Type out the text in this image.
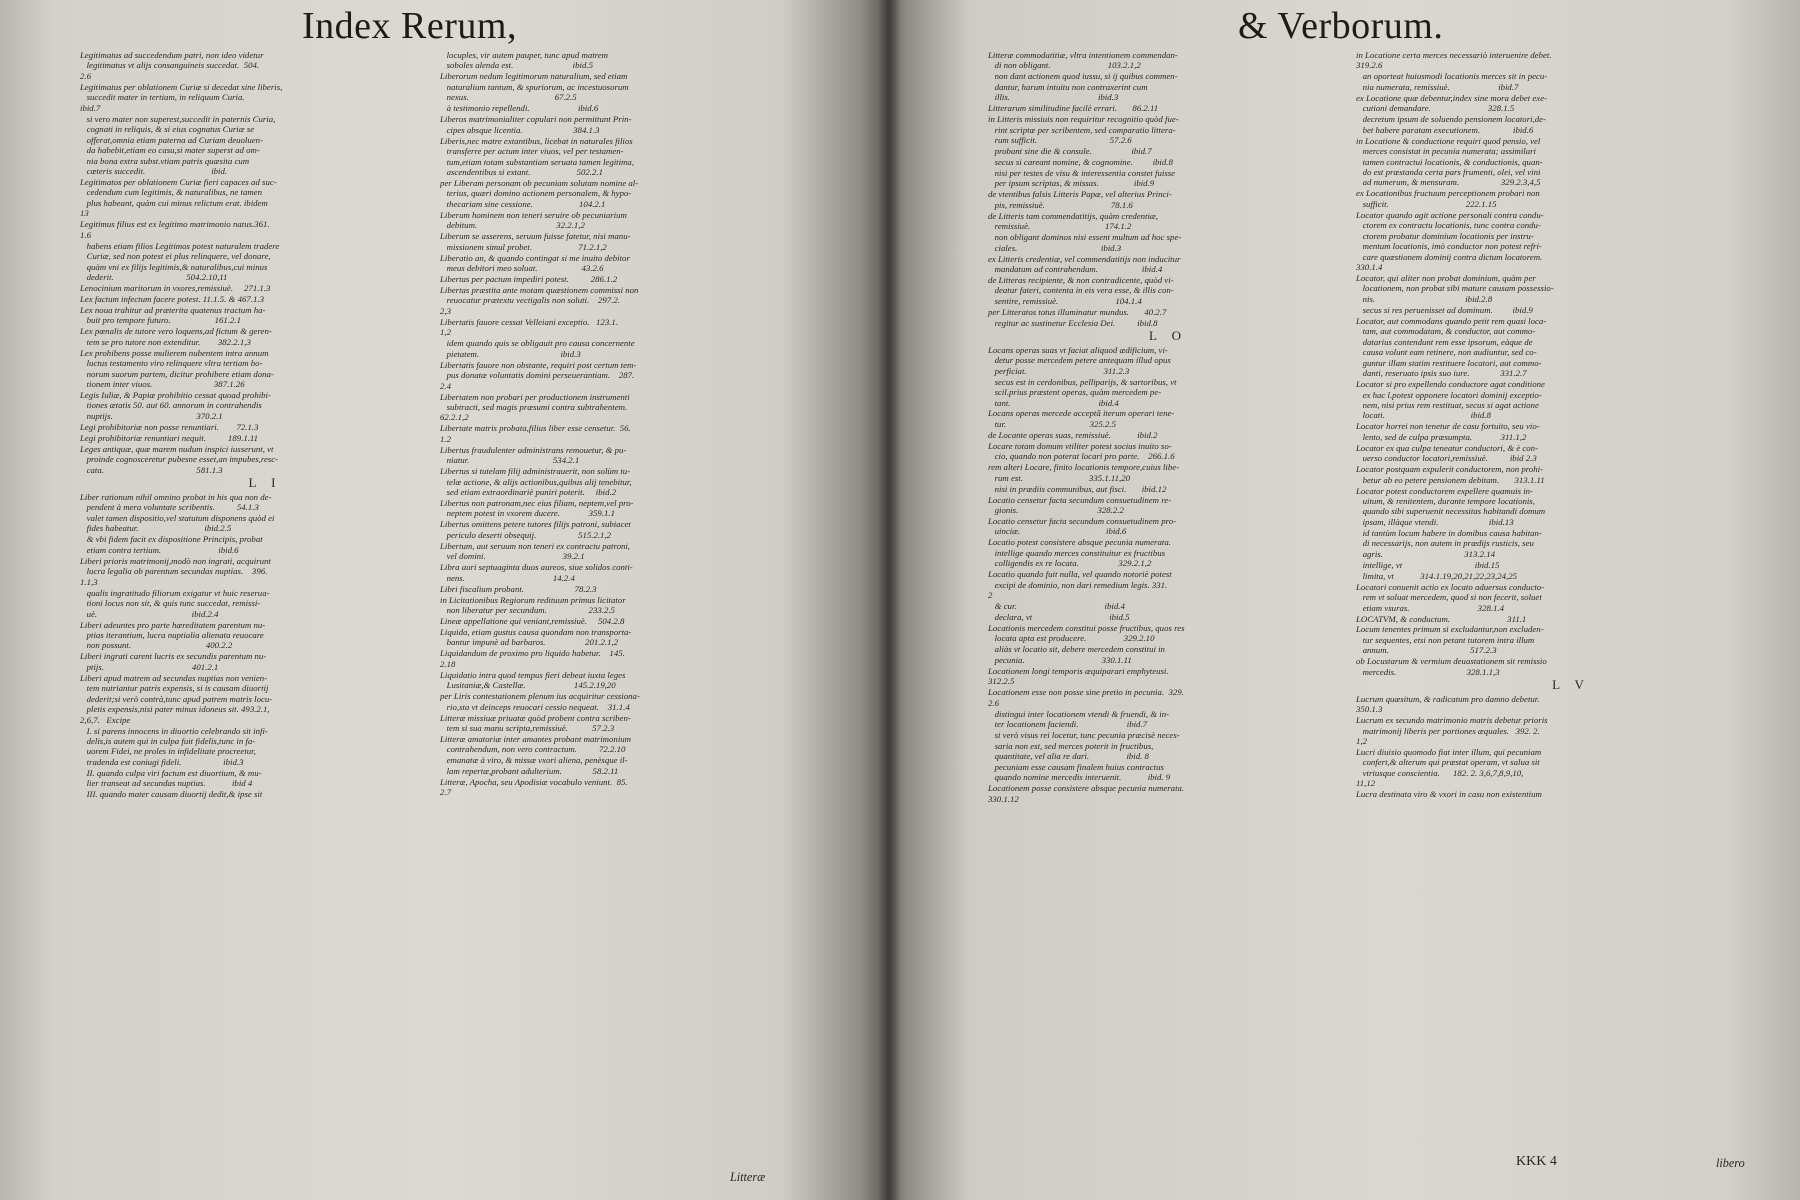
Index Rerum,
Legitimatus ad succedendum patri, non ideo videtur
legitimatus vt alijs consanguineis succedat.  504.
2.6
Legitimatus per oblationem Curiæ si decedat sine liberis,
succedit mater in tertiam, in reliquum Curia.
ibid.7
si vero mater non superest,succedit in paternis Curia,
cognati in reliquis, & si eius cognatus Curiæ se
offerat,omnia etiam paterna ad Curiam deuoluen-
da habebit,etiam eo casu,si mater superst ad om-
nia bona extra subst.vtiam patris quæsita cum
cæteris succedit.                              ibid.
Legitimatos per oblationem Curiæ fieri capaces ad suc-
cedendum cum legitimis, & naturalibus, ne tamen
plus habeant, quàm cui minus relictum erat. ibidem
13
Legitimus filius est ex legitimo matrimonio natus.361.
1.6
habens etiam filios Legitimos potest naturalem tradere
Curiæ, sed non potest ei plus relinquere, vel donare,
quàm vni ex filijs legitimis,& naturalibus,cui minus
dederit.                                 504.2.10,11
Lenocinium maritorum in vxores,remissiuè.     271.1.3
Lex factum infectum facere potest. 11.1.5. & 467.1.3
Lex noua trahitur ad præterita quatenus tractum ha-
buit pro tempore futuro.                    161.2.1
Lex pœnalis de tutore vero loquens,ad fictum & geren-
tem se pro tutore non extenditur.        382.2.1,3
Lex prohibens posse mulierem nubentem intra annum
luctus testamento viro relinquere vltra tertiam bo-
norum suorum partem, dicitur prohibere etiam dona-
tionem inter viuos.                            387.1.26
Legis Iuliæ, & Papiæ prohibitio cessat quoad prohibi-
tiones ætatis 50. aut 60. annorum in contrahendis
nuptijs.                                      370.2.1
Legi prohibitoriæ non posse renuntiari.        72.1.3
Legi prohibitoriæ renuntiari nequit.          189.1.11
Leges antiquæ, quæ marem nudum inspici iusserunt, vt
proinde cognosceretur pubesne esset,an impubes,resc-
cata.                                          581.1.3
L I
Liber rationum nihil omnino probat in his qua non de-
pendent à mera voluntate scribentis.          54.1.3
valet tamen dispositio,vel statutum disponens quòd ei
fides habeatur.                              ibid.2.5
& vbi fidem facit ex dispositione Principis, probat
etiam contra tertium.                          ibid.6
Liberi prioris matrimonij,modò non ingrati, acquirunt
lucra legalia ob parentum secundas nuptias.    396.
1.1,3
qualis ingratitudo filiorum exigatur vt huic reserua-
tioni locus non sit, & quis tunc succedat, remissi-
uè.                                           ibid.2.4
Liberi adeuntes pro parte hæreditatem parentum nu-
ptias iterantium, lucra nuptialia alienata reuocare
non possunt.                                  400.2.2
Liberi ingrati carent lucris ex secundis parentum nu-
ptijs.                                        401.2.1
Liberi apud matrem ad secundas nuptias non venien-
tem nutriantur patris expensis, si is causam diuortij
dederit;si verò contrà,tunc apud patrem matris locu-
pletis expensis,nisi pater minus idoneus sit. 493.2.1,
2,6,7.   Excipe
I. si parens innocens in diuortio celebrando sit infi-
delis,is autem qui in culpa fuit fidelis,tunc in fa-
uorem Fidei, ne proles in infidelitate procreetur,
tradenda est coniugi fideli.                   ibid.3
II. quando culpa viri factum est diuortium, & mu-
lier transeat ad secundas nuptias.            ibid 4
III. quando mater causam diuortij dedit,& ipse sit
locuples, vir autem pauper, tunc apud matrem
soboles alenda est.                           ibid.5
Liberorum nedum legitimorum naturalium, sed etiam
naturalium tantum, & spuriorum, ac incestuosorum
nexus.                                       67.2.5
à testimonio repellendi.                      ibid.6
Liberos matrimonialiter copulari non permittunt Prin-
cipes absque licentia.                       384.1.3
Liberis,nec matre extantibus, licebat in naturales filios
transferre per actum inter viuos, vel per testamen-
tum,etiam totam substantiam seruata tamen legitima,
ascendentibus si extant.                     502.2.1
per Liberam personam ob pecuniam solutam nomine al-
terius, quæri domino actionem personalem, & hypo-
thecariam sine cessione.                     104.2.1
Liberum hominem non teneri seruire ob pecuniarium
debitum.                                    32.2.1,2
Liberum se asserens, seruum fuisse fatetur, nisi manu-
missionem simul probet.                     71.2.1,2
Liberatio an, & quando contingat si me inuito debitor
meus debitori meo soluat.                    43.2.6
Libertas per pactum impediri potest.          286.1.2
Libertas præstita ante motam quæstionem commissi non
reuocatur prætextu vectigalis non soluti.    297.2.
2,3
Libertatis fauore cessat Velleiani exceptio.   123.1.
1,2
idem quando quis se obligauit pro causa concernente
pietatem.                                     ibid.3
Libertatis fauore non obstante, requiri post certum tem-
pus donatæ voluntatis domini perseuerantiam.    287.
2.4
Libertatem non probari per productionem instrumenti
subtracti, sed magis præsumi contra subtrahentem.
62.2.1,2
Libertate matris probata,filius liber esse censetur.  56.
1.2
Libertus fraudulenter administrans remouetur, & pu-
niatur.                                      534.2.1
Libertus si tutelam filij administrauerit, non solùm tu-
telæ actione, & alijs actionibus,quibus alij tenebitur,
sed etiam extraordinariè puniri poterit.     ibid.2
Libertus non patronam,nec eius filiam, neptem,vel pro-
neptem potest in vxorem ducere.             359.1.1
Libertus omittens petere tutores filijs patroni, subiacet
periculo deserti obsequij.                   515.2.1,2
Libertum, aut seruum non teneri ex contractu patroni,
vel domini.                                   39.2.1
Libra auri septuaginta duos aureos, siue solidos conti-
nens.                                        14.2.4
Libri fiscalium probant.                       78.2.3
in Licitationibus Regiorum redituum primus licitator
non liberatur per secundum.                   233.2.5
Lineæ appellatione qui veniant,remissiuè.     504.2.8
Liquida, etiam gustus causa quondam non transporta-
bantur impunè ad barbaros.                  201.2.1,2
Liquidandum de proximo pro liquido habetur.    145.
2.18
Liquidatio intra quod tempus fieri debeat iuxta leges
Lusitaniæ,& Castellæ.                      145.2.19,20
per Liris contestationem plenum ius acquiritur cessiona-
rio,sta vt deinceps reuocari cessio nequeat.    31.1.4
Litteræ missiuæ priuatæ quòd probent contra scriben-
tem si sua manu scripta,remissiuè.           57.2.3
Litteræ amatoriæ inter amantes probant matrimonium
contrahendum, non vero contractum.          72.2.10
emanatæ à viro, & missæ vxori aliena, penèsque il-
lam repertæ,probant adulterium.              58.2.11
Litteræ, Apocha, seu Apodisiæ vocabulo veniunt.  85.
2.7
Litteræ
& Verborum.
Litteræ commodatitiæ, vltra intentionem commendan-
di non obligant.                          103.2.1,2
non dant actionem quod iussu, si ij quibus commen-
dantur, harum intuitu non contraxerint cum
illis.                                        ibid.3
Litterarum similitudine facilè errari.       86.2.11
in Litteris missiuis non requiritur recognitio quòd fue-
rint scriptæ per scribentem, sed comparatio littera-
rum sufficit.                                 57.2.6
probant sine die & consule.                  ibid.7
secus si careant nomine, & cognomine.         ibid.8
nisi per testes de visu & interessentia constet fuisse
per ipsum scriptas, & missas.                ibid.9
de vtentibus falsis Litteris Papæ, vel alterius Princi-
pis, remissiuè.                              78.1.6
de Litteris tam commendatitijs, quàm credentiæ,
remissiuè.                                  174.1.2
non obligant dominos nisi essent multum ad hoc spe-
ciales.                                      ibid.3
ex Litteris credentiæ, vel commendatitijs non inducitur
mandatum ad contrahendum.                    ibid.4
de Litteras recipiente, & non contradicente, quòd vi-
deatur fateri, contenta in eis vera esse, & illis con-
sentire, remissiuè.                          104.1.4
per Litteratos totus illuminatur mundus.       40.2.7
regitur ac sustinetur Ecclesia Dei.          ibid.8
L O
Locans operas suas vt faciat aliquod ædificium, vi-
detur posse mercedem petere antequam illud opus
perficiat.                                   311.2.3
secus est in cerdonibus, pelliparijs, & sartoribus, vt
scil.prius præstent operas, quàm mercedem pe-
tant.                                        ibid.4
Locans operas mercede acceptâ iterum operari tene-
tur.                                      325.2.5
de Locante operas suas, remissiuè.            ibid.2
Locare totam domum vtiliter potest socius inuito so-
cio, quando non poterat locari pro parte.    266.1.6
rem alteri Locare, finito locationis tempore,cuius libe-
rum est.                              335.1.11,20
nisi in prædiis communibus, aut fisci.       ibid.12
Locatio censetur facta secundum consuetudinem re-
gionis.                                    328.2.2
Locatio censetur facta secundum consuetudinem pro-
uinciæ.                                       ibid.6
Locatio potest consistere absque pecunia numerata.
intellige quando merces constituitur ex fructibus
colligendis ex re locata.                  329.2.1,2
Locatio quando fuit nulla, vel quando notoriè potest
excipi de dominio, non dari remedium legis. 331.
2
& cur.                                        ibid.4
declara, vt                                   ibid.5
Locationis mercedem constitui posse fructibus, quos res
locata apta est producere.                 329.2.10
aliàs vt locatio sit, debere mercedem constitui in
pecunia.                                   330.1.11
Locationem longi temporis æquiparari emphyteusi.
312.2.5
Locationem esse non posse sine pretio in pecunia.  329.
2.6
distingui inter locationem vtendi & fruendi, & in-
ter locationem faciendi.                      ibid.7
si verò visus rei locetur, tunc pecunia præcisè neces-
saria non est, sed merces poterit in fructibus,
quantitate, vel alia re dari.                 ibid. 8
pecuniam esse causam finalem huius contractus
quando nomine mercedis interuenit.            ibid. 9
Locationem posse consistere absque pecunia numerata.
330.1.12
in Locatione certa merces necessariò interuenire debet.
319.2.6
an oporteat huiusmodi locationis merces sit in pecu-
nia numerata, remissiuè.                      ibid.7
ex Locatione quæ debentur,index sine mora debet exe-
cutioni demandare.                          328.1.5
decretum ipsum de soluendo pensionem locatori,de-
bet habere paratam executionem.               ibid.6
in Locatione & conductione requiri quod pensio, vel
merces consistat in pecunia numerata; assimilari
tamen contractui locationis, & conductionis, quan-
do est præstanda certa pars frumenti, olei, vel vini
ad numerum, & mensuram.                   329.2.3,4,5
ex Locationibus fructuum perceptionem probari non
sufficit.                                   222.1.15
Locator quando agit actione personali contra condu-
ctorem ex contractu locationis, tunc contra condu-
ctorem probatur dominium locationis per instru-
mentum locationis, imò conductor non potest refri-
care quæstionem dominij contra dictum locatorem.
330.1.4
Locator, qui aliter non probat dominium, quàm per
locationem, non probat sibi mature causam possessio-
nis.                                         ibid.2.8
secus si res peruenisset ad dominum.         ibid.9
Locator, aut commodans quando petit rem quasi loca-
tam, aut commodatam, & conductor, aut commo-
datarius contendunt rem esse ipsorum, eàque de
causa volunt eam retinere, non audiuntur, sed co-
guntur illam statim restituere locatori, aut commo-
danti, reseruato ipsis suo iure.              331.2.7
Locator si pro expellendo conductore agat conditione
ex hac l.potest opponere locatori dominij exceptio-
nem, nisi prius rem restituat, secus si agat actione
locati.                                       ibid.8
Locator horrei non tenetur de casu fortuito, seu vio-
lento, sed de culpa præsumpta.             311.1,2
Locator ex qua culpa teneatur conductori, & è con-
uerso conductor locatori,remissiuè.          ibid 2.3
Locator postquam expulerit conductorem, non prohi-
betur ab eo petere pensionem debitam.       313.1.11
Locator potest conductorem expellere quamuis in-
uitum, & renitentem, durante tempore locationis,
quando sibi superuenit necessitas habitandi domum
ipsam, illàque vtendi.                       ibid.13
id tantùm locum habere in domibus causa habitan-
di necessarijs, non autem in prædijs rusticis, seu
agris.                                     313.2.14
intellige, vt                                 ibid.15
limita, vt            314.1.19,20,21,22,23,24,25
Locatori conuenit actio ex locato aduersus conducto-
rem vt soluat mercedem, quod si non fecerit, soluet
etiam vsuras.                               328.1.4
LOCATVM, & conductum.                          311.1
Locum tenentes primum si excludantur,non excluden-
tur sequentes, etsi non petant tutorem intra illum
annum.                                     517.2.3
ob Locustarum & vermium deuastationem sit remissio
mercedis.                                328.1.1,3
L V
Lucrum quæsitum, & radicatum pro damno debetur.
350.1.3
Lucrum ex secundo matrimonio matris debetur prioris
matrimonij liberis per portiones æquales.   392. 2.
1,2
Lucri diuisio quomodo fiat inter illum, qui pecuniam
confert,& alterum qui præstat operam, vt salua sit
vtriusque conscientia.      182. 2. 3,6,7,8,9,10,
11,12
Lucra destinata viro & vxori in casu non existentium
KKK 4	libero
